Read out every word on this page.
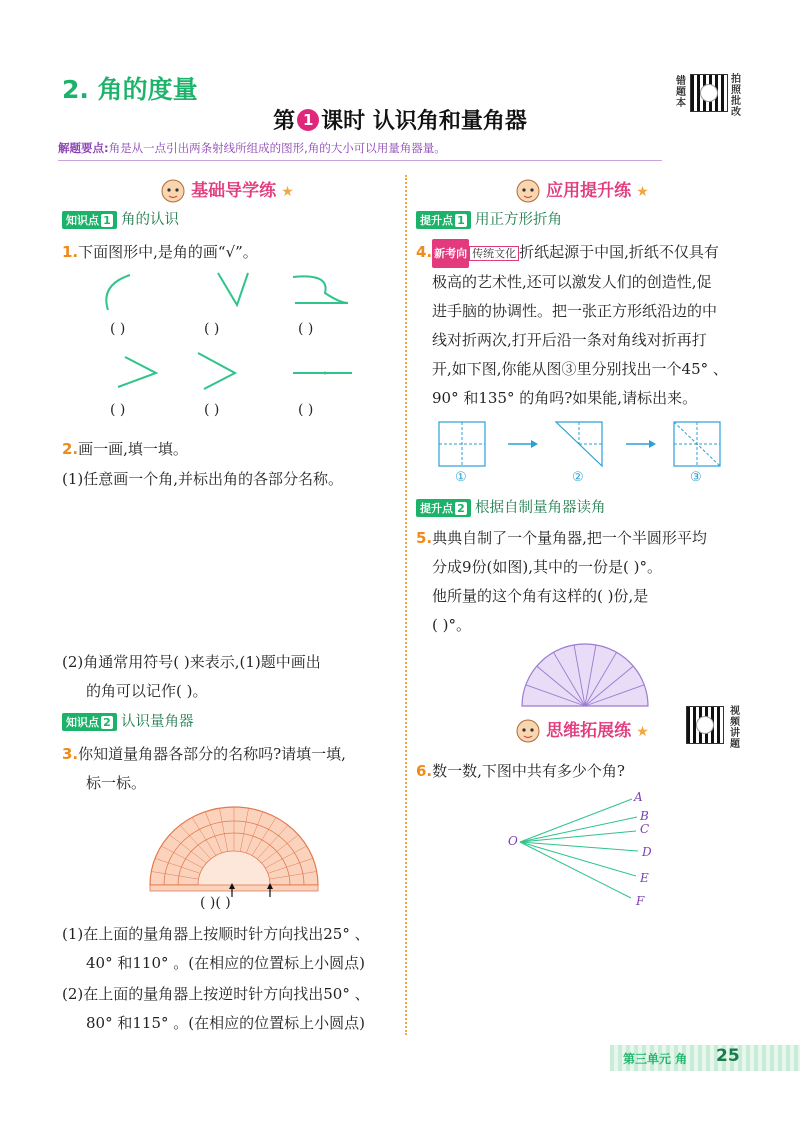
2. 角的度量
第 1 课时 认识角和量角器
解题要点:角是从一点引出两条射线所组成的图形,角的大小可以用量角器量。
错题本
拍照批改
基础导学练 ★
知识点 1 角的认识
1.下面图形中,是角的画“√”。
( )	( )	( )
( )	( )	( )
2.画一画,填一填。
(1)任意画一个角,并标出角的各部分名称。
(2)角通常用符号( )来表示,(1)题中画出
的角可以记作( )。
知识点 2 认识量角器
3.你知道量角器各部分的名称吗?请填一填,
标一标。
( )( )
(1)在上面的量角器上按顺时针方向找出25° 、
40° 和110° 。(在相应的位置标上小圆点)
(2)在上面的量角器上按逆时针方向找出50° 、
80° 和115° 。(在相应的位置标上小圆点)
应用提升练 ★
提升点 1 用正方形折角
4. 新考向 传统文化 折纸起源于中国,折纸不仅具有
极高的艺术性,还可以激发人们的创造性,促
进手脑的协调性。把一张正方形纸沿边的中
线对折两次,打开后沿一条对角线对折再打
开,如下图,你能从图③里分别找出一个45° 、
90° 和135° 的角吗?如果能,请标出来。
①	②	③
提升点 2 根据自制量角器读角
5.典典自制了一个量角器,把一个半圆形平均
分成9份(如图),其中的一份是( )°。
他所量的这个角有这样的( )份,是
( )°。
视频讲题
思维拓展练 ★
6.数一数,下图中共有多少个角?
O
A
B
C
D
E
F
第三单元 角 25
